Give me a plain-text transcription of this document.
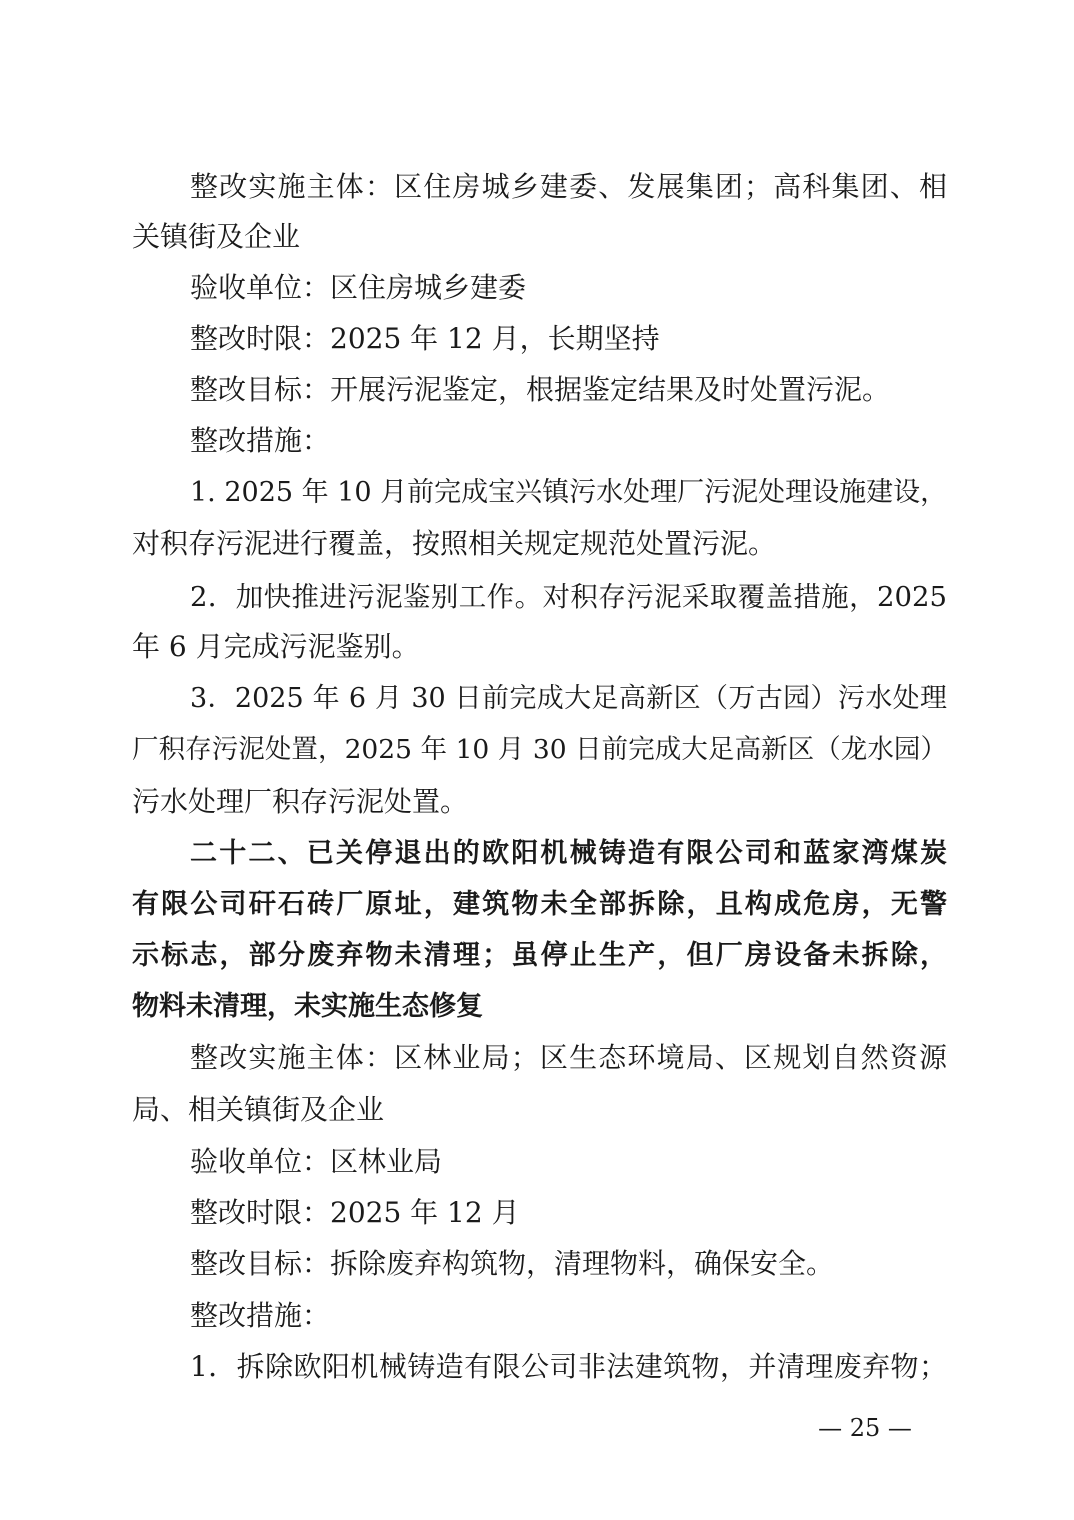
整改实施主体：区住房城乡建委、发展集团；高科集团、相
关镇街及企业
验收单位：区住房城乡建委
整改时限：2025 年 12 月，长期坚持
整改目标：开展污泥鉴定，根据鉴定结果及时处置污泥。
整改措施：
1. 2025 年 10 月前完成宝兴镇污水处理厂污泥处理设施建设，
对积存污泥进行覆盖，按照相关规定规范处置污泥。
2．加快推进污泥鉴别工作。对积存污泥采取覆盖措施，2025
年 6 月完成污泥鉴别。
3．2025 年 6 月 30 日前完成大足高新区（万古园）污水处理
厂积存污泥处置，2025 年 10 月 30 日前完成大足高新区（龙水园）
污水处理厂积存污泥处置。
二十二、已关停退出的欧阳机械铸造有限公司和蓝家湾煤炭
有限公司矸石砖厂原址，建筑物未全部拆除，且构成危房，无警
示标志，部分废弃物未清理；虽停止生产，但厂房设备未拆除，
物料未清理，未实施生态修复
整改实施主体：区林业局；区生态环境局、区规划自然资源
局、相关镇街及企业
验收单位：区林业局
整改时限：2025 年 12 月
整改目标：拆除废弃构筑物，清理物料，确保安全。
整改措施：
1．拆除欧阳机械铸造有限公司非法建筑物，并清理废弃物；
— 25 —
